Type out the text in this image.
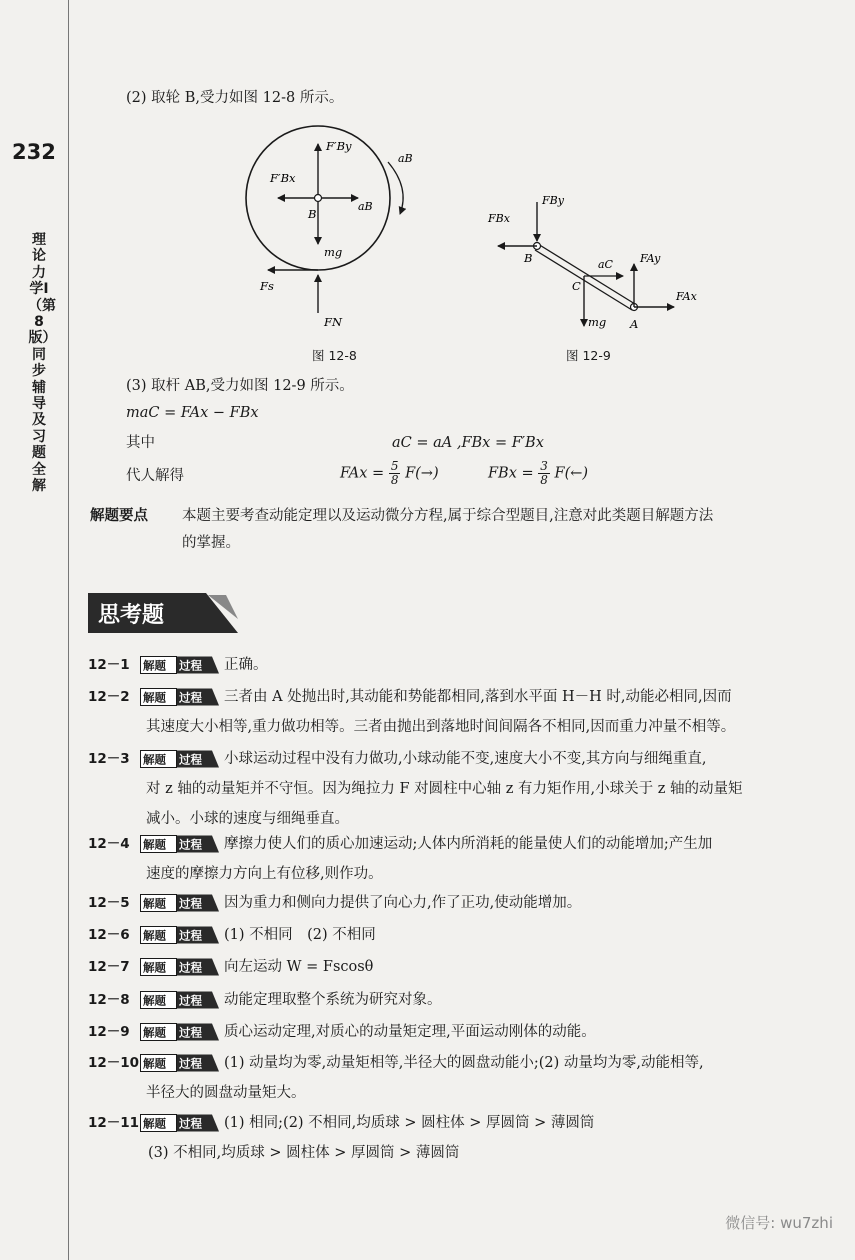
232
理论力学Ⅰ（第8版）同步辅导及习题全解
(2) 取轮 B,受力如图 12-8 所示。
F′By
F′Bx
aB
aB
B
mg
Fs
FN
图 12-8
FBx
FBy
B	aC FAy
C
FAx
mg A
图 12-9
(3) 取杆 AB,受力如图 12-9 所示。
maC = FAx − FBx
其中	aC = aA ,FBx = F′Bx
代人解得	FAx = $\frac{5}{8} F(\to)$	FBx = $\frac{3}{8}$ F(←)
解题要点 本题主要考查动能定理以及运动微分方程,属于综合型题目,注意对此类题目解题方法
的掌握。
思考题
12－1 解题 过程 正确。
12－2 解题 过程 三者由 A 处抛出时,其动能和势能都相同,落到水平面 H－H 时,动能必相同,因而
其速度大小相等,重力做功相等。三者由抛出到落地时间间隔各不相同,因而重力冲量不相等。
12－3 解题 过程 小球运动过程中没有力做功,小球动能不变,速度大小不变,其方向与细绳重直,
对 z 轴的动量矩并不守恒。因为绳拉力 F 对圆柱中心轴 z 有力矩作用,小球关于 z 轴的动量矩
减小。小球的速度与细绳垂直。
12－4 解题 过程 摩擦力使人们的质心加速运动;人体内所消耗的能量使人们的动能增加;产生加
速度的摩擦力方向上有位移,则作功。
12－5 解题 过程 因为重力和侧向力提供了向心力,作了正功,使动能增加。
12－6 解题 过程 (1) 不相同　(2) 不相同
12－7 解题 过程 向左运动 W = Fscosθ
12－8 解题 过程 动能定理取整个系统为研究对象。
12－9 解题 过程 质心运动定理,对质心的动量矩定理,平面运动刚体的动能。
12－10 解题 过程 (1) 动量均为零,动量矩相等,半径大的圆盘动能小;(2) 动量均为零,动能相等,
半径大的圆盘动量矩大。
12－11 解题 过程 (1) 相同;(2) 不相同,均质球 > 圆柱体 > 厚圆筒 > 薄圆筒
(3) 不相同,均质球 > 圆柱体 > 厚圆筒 > 薄圆筒
微信号: wu7zhi
